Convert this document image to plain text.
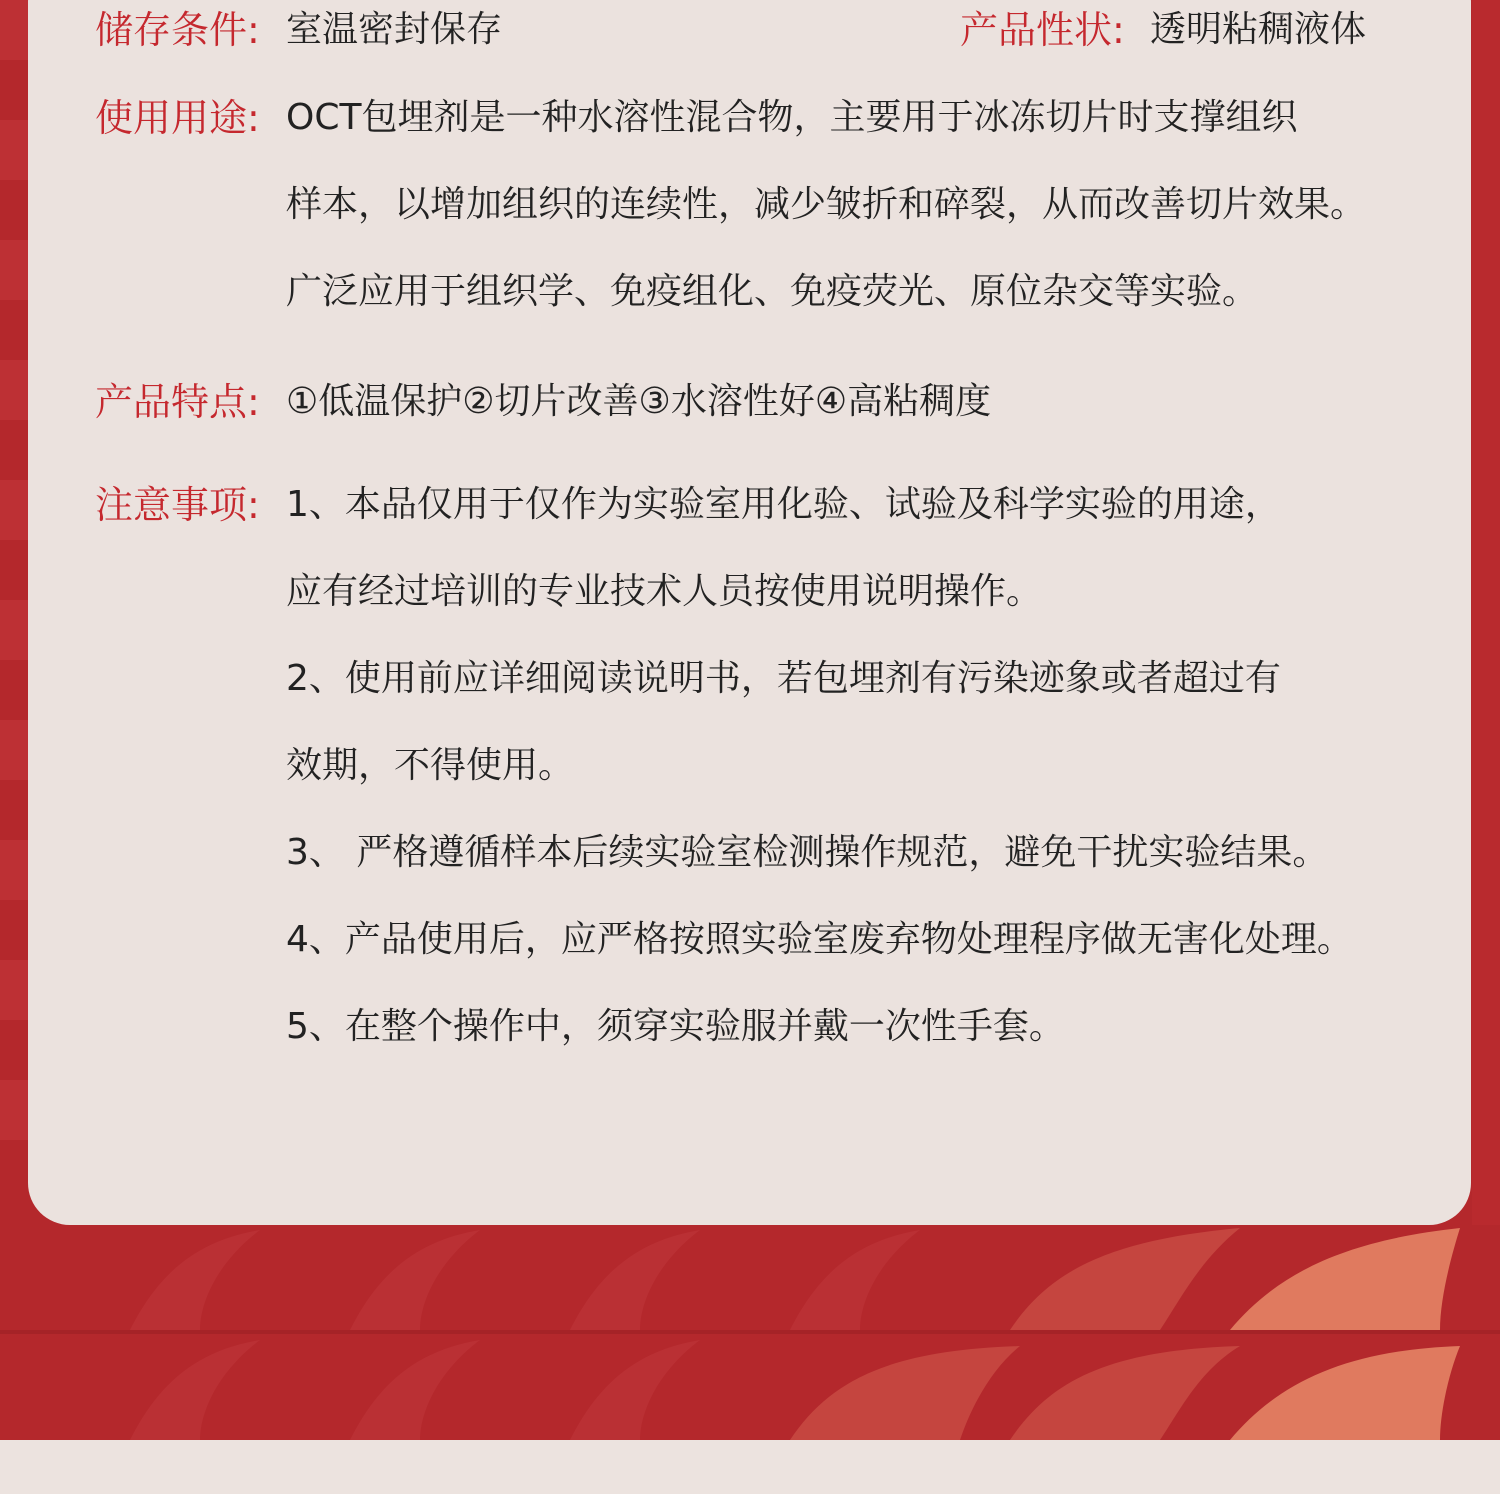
储存条件: 室温密封保存	产品性状: 透明粘稠液体
使用用途: OCT包埋剂是一种水溶性混合物，主要用于冰冻切片时支撑组织
样本，以增加组织的连续性，减少皱折和碎裂，从而改善切片效果。
广泛应用于组织学、免疫组化、免疫荧光、原位杂交等实验。
产品特点: ①低温保护②切片改善③水溶性好④高粘稠度
注意事项: 1、本品仅用于仅作为实验室用化验、试验及科学实验的用途，
应有经过培训的专业技术人员按使用说明操作。
2、使用前应详细阅读说明书，若包埋剂有污染迹象或者超过有
效期，不得使用。
3、 严格遵循样本后续实验室检测操作规范，避免干扰实验结果。
4、产品使用后，应严格按照实验室废弃物处理程序做无害化处理。
5、在整个操作中，须穿实验服并戴一次性手套。
